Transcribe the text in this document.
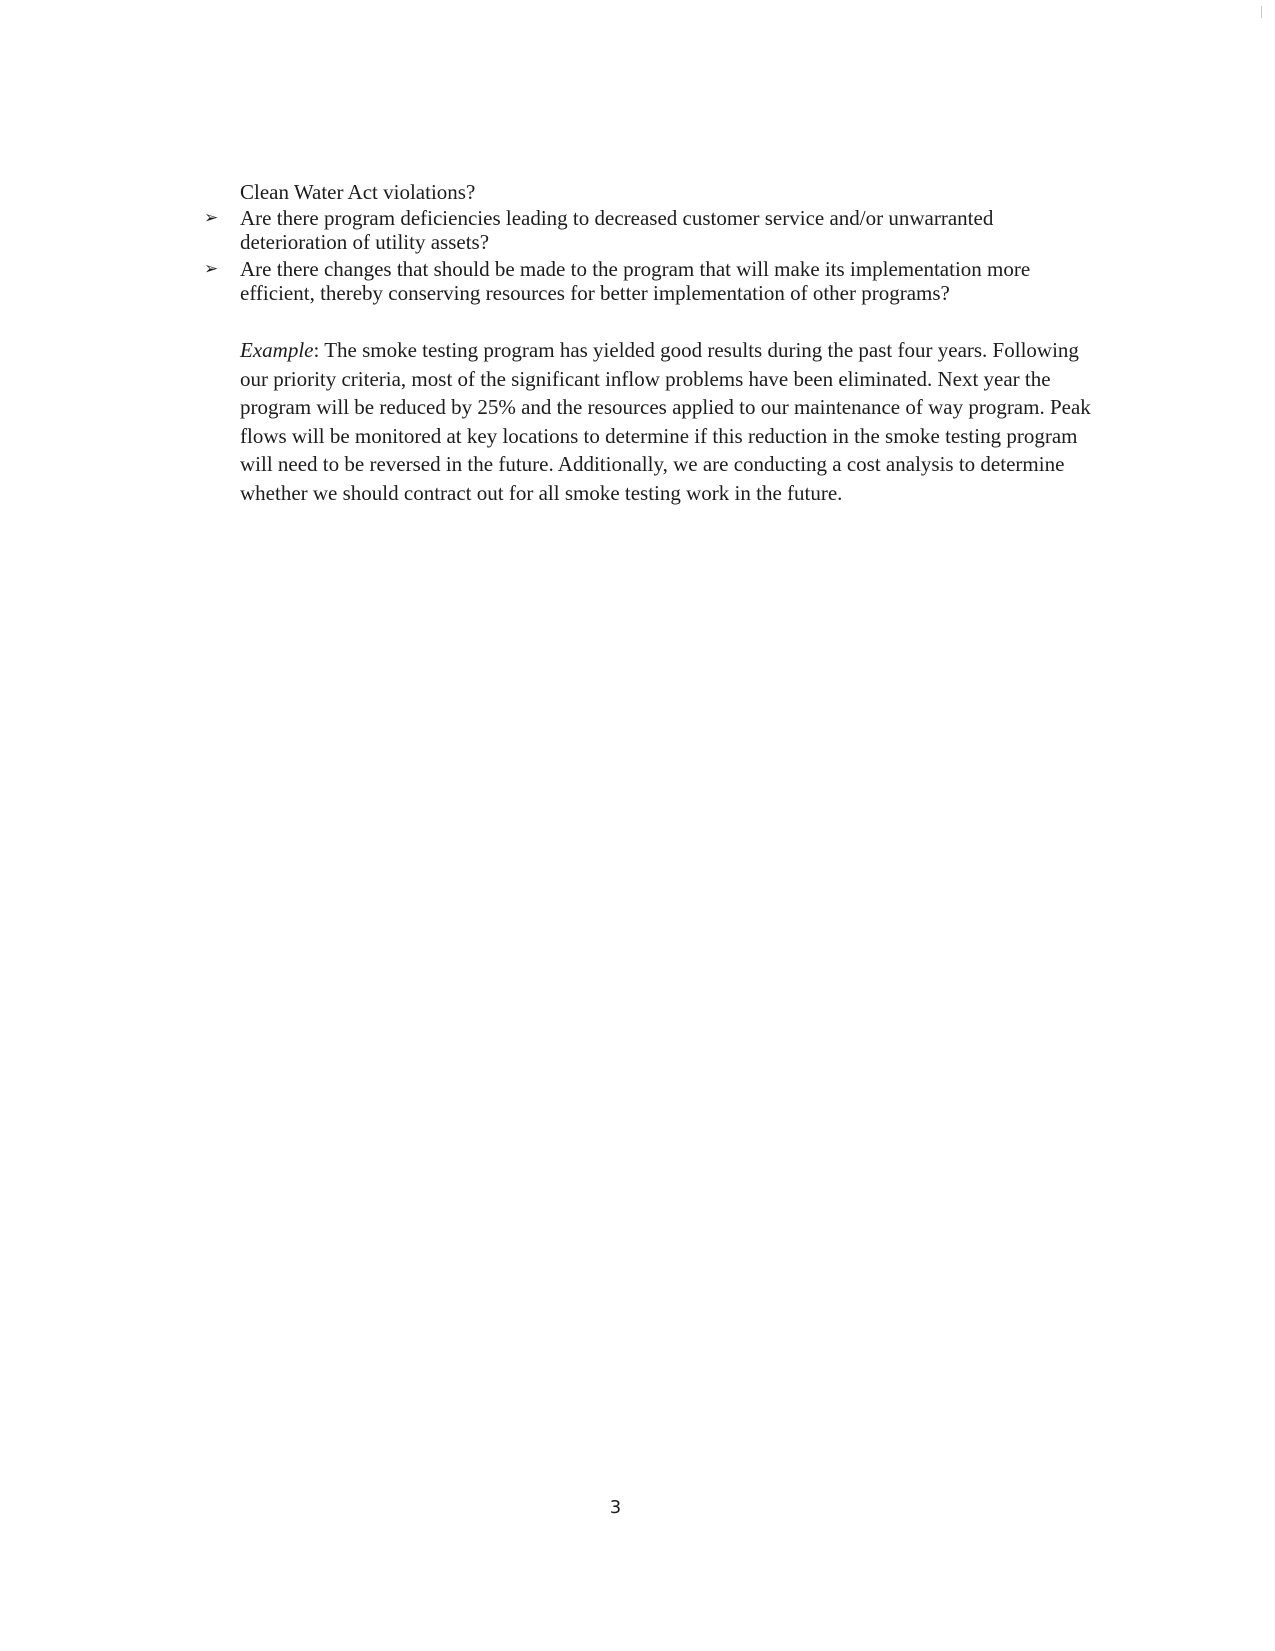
Clean Water Act violations?

➢ Are there program deficiencies leading to decreased customer service and/or unwarranted deterioration of utility assets?
➢ Are there changes that should be made to the program that will make its implementation more efficient, thereby conserving resources for better implementation of other programs?

Example: The smoke testing program has yielded good results during the past four years. Following our priority criteria, most of the significant inflow problems have been eliminated. Next year the program will be reduced by 25% and the resources applied to our maintenance of way program. Peak flows will be monitored at key locations to determine if this reduction in the smoke testing program will need to be reversed in the future. Additionally, we are conducting a cost analysis to determine whether we should contract out for all smoke testing work in the future.

3
